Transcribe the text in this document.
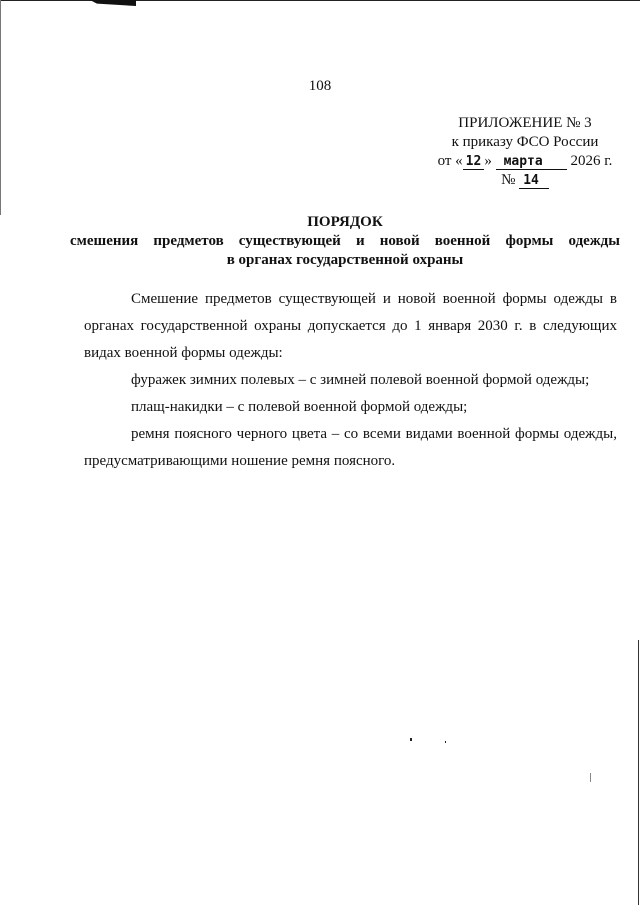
108
ПРИЛОЖЕНИЕ № 3
к приказу ФСО России
от « 12 » марта 2026 г.
№ 14
ПОРЯДОК
смешения предметов существующей и новой военной формы одежды
в органах государственной охраны

Смешение предметов существующей и новой военной формы одежды в органах государственной охраны допускается до 1 января 2030 г. в следующих видах военной формы одежды:

фуражек зимних полевых – с зимней полевой военной формой одежды;

плащ-накидки – с полевой военной формой одежды;

ремня поясного черного цвета – со всеми видами военной формы одежды, предусматривающими ношение ремня поясного.
